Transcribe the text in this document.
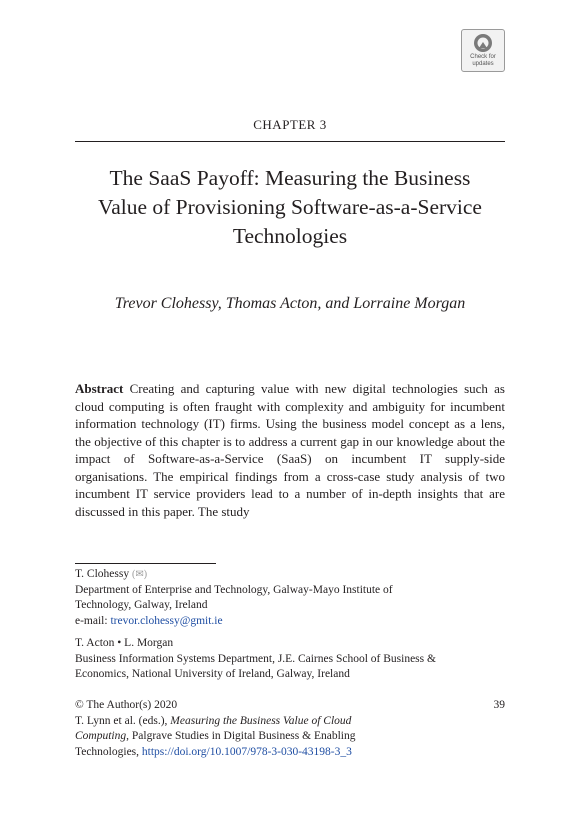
Check for
updates
CHAPTER 3
The SaaS Payoff: Measuring the Business
Value of Provisioning Software-as-a-Service
Technologies
Trevor Clohessy, Thomas Acton, and Lorraine Morgan
Abstract Creating and capturing value with new digital technologies such as cloud computing is often fraught with complexity and ambiguity for incumbent information technology (IT) firms. Using the business model concept as a lens, the objective of this chapter is to address a current gap in our knowledge about the impact of Software-as-a-Service (SaaS) on incumbent IT supply-side organisations. The empirical findings from a cross-case study analysis of two incumbent IT service providers lead to a number of in-depth insights that are discussed in this paper. The study
T. Clohessy (✉)
Department of Enterprise and Technology, Galway-Mayo Institute of
Technology, Galway, Ireland
e-mail: trevor.clohessy@gmit.ie
T. Acton • L. Morgan
Business Information Systems Department, J.E. Cairnes School of Business &
Economics, National University of Ireland, Galway, Ireland
© The Author(s) 2020
T. Lynn et al. (eds.), Measuring the Business Value of Cloud
Computing, Palgrave Studies in Digital Business & Enabling
Technologies, https://doi.org/10.1007/978-3-030-43198-3_3
39
